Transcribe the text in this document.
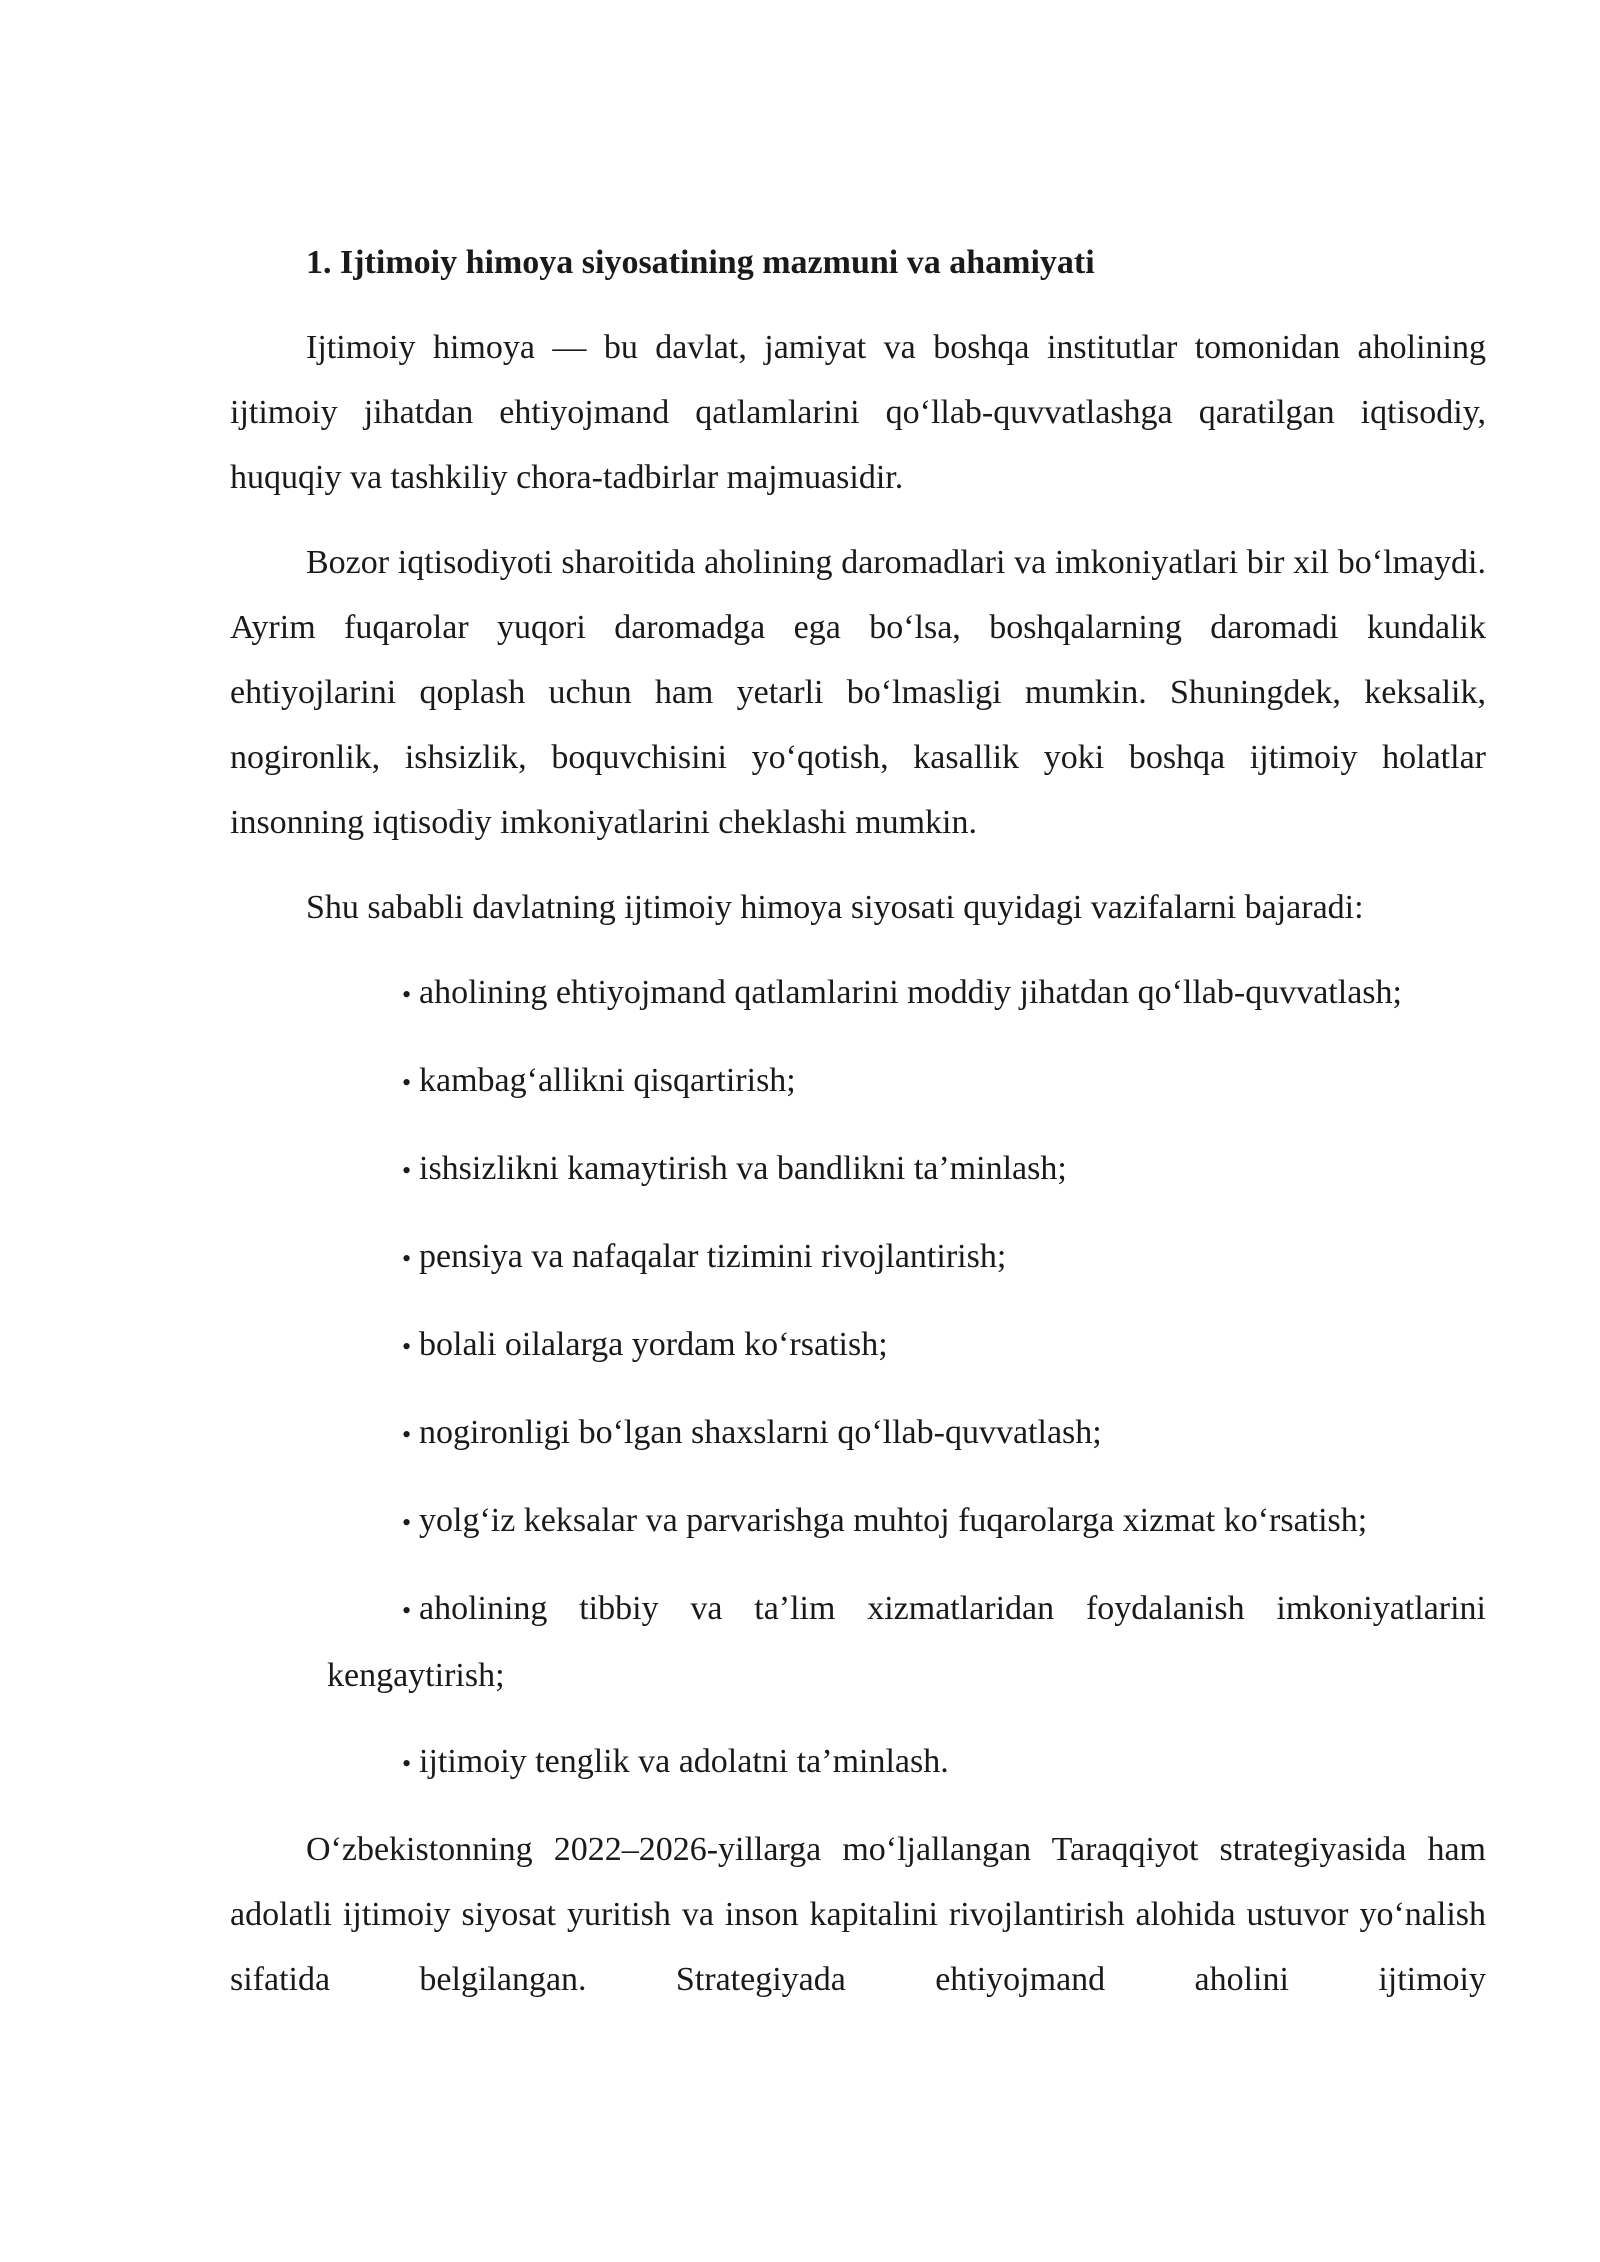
1. Ijtimoiy himoya siyosatining mazmuni va ahamiyati

Ijtimoiy himoya — bu davlat, jamiyat va boshqa institutlar tomonidan aholining ijtimoiy jihatdan ehtiyojmand qatlamlarini qo‘llab-quvvatlashga qaratilgan iqtisodiy, huquqiy va tashkiliy chora-tadbirlar majmuasidir.

Bozor iqtisodiyoti sharoitida aholining daromadlari va imkoniyatlari bir xil bo‘lmaydi. Ayrim fuqarolar yuqori daromadga ega bo‘lsa, boshqalarning daromadi kundalik ehtiyojlarini qoplash uchun ham yetarli bo‘lmasligi mumkin. Shuningdek, keksalik, nogironlik, ishsizlik, boquvchisini yo‘qotish, kasallik yoki boshqa ijtimoiy holatlar insonning iqtisodiy imkoniyatlarini cheklashi mumkin.

Shu sababli davlatning ijtimoiy himoya siyosati quyidagi vazifalarni bajaradi:

• aholining ehtiyojmand qatlamlarini moddiy jihatdan qo‘llab-quvvatlash;
• kambag‘allikni qisqartirish;
• ishsizlikni kamaytirish va bandlikni ta’minlash;
• pensiya va nafaqalar tizimini rivojlantirish;
• bolali oilalarga yordam ko‘rsatish;
• nogironligi bo‘lgan shaxslarni qo‘llab-quvvatlash;
• yolg‘iz keksalar va parvarishga muhtoj fuqarolarga xizmat ko‘rsatish;
• aholining tibbiy va ta’lim xizmatlaridan foydalanish imkoniyatlarini kengaytirish;
• ijtimoiy tenglik va adolatni ta’minlash.

O‘zbekistonning 2022–2026-yillarga mo‘ljallangan Taraqqiyot strategiyasida ham adolatli ijtimoiy siyosat yuritish va inson kapitalini rivojlantirish alohida ustuvor yo‘nalish sifatida belgilangan. Strategiyada ehtiyojmand aholini ijtimoiy
